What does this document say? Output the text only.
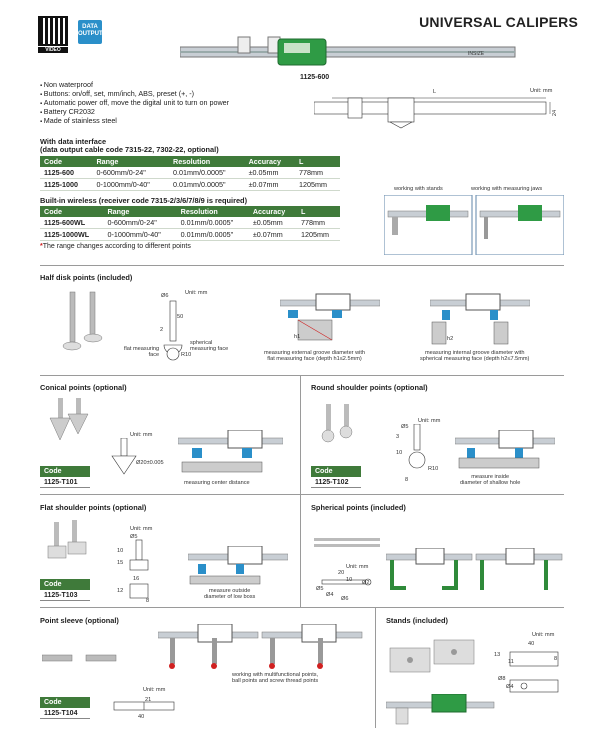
VIDEO
DATA
OUTPUT
UNIVERSAL CALIPERS
INSIZE
1125-600
▪ Non waterproof
▪ Buttons: on/off, set, mm/inch, ABS, preset (+, -)
▪ Automatic power off, move the digital unit to turn on power
▪ Battery CR2032
▪ Made of stainless steel
Unit: mm
L
24
With data interface
(data output cable code 7315-22, 7302-22, optional)
Code	Range	Resolution	Accuracy	L
1125-600	0-600mm/0-24"	0.01mm/0.0005"	±0.05mm	778mm
1125-1000	0-1000mm/0-40"	0.01mm/0.0005"	±0.07mm	1205mm
Built-in wireless (receiver code 7315-2/3/6/7/8/9 is required)
Code	Range	Resolution	Accuracy	L
1125-600WL	0-600mm/0-24"	0.01mm/0.0005"	±0.05mm	778mm
1125-1000WL	0-1000mm/0-40"	0.01mm/0.0005"	±0.07mm	1205mm
*The range changes according to different points
working with stands	working with measuring jaws
Half disk points (included)
Unit: mm
Ø6
50
2
R10
flat measuring
face
spherical
measuring face
h1
measuring external groove diameter with
flat measuring face (depth h1≤2.5mm)
h2
measuring internal groove diameter with
spherical measuring face (depth h2≤7.5mm)
Conical points (optional)
Unit: mm
Ø20±0.005
measuring center distance
Code
1125-T101
Round shoulder points (optional)
Unit: mm
Ø5
3
10
R10
8	measure inside
diameter of shallow hole
Code
1125-T102
Flat shoulder points (optional)
Unit: mm
Ø5
10
15
16
12
8
measure outside
diameter of low boss
Code
1125-T103
Spherical points (included)
Unit: mm
20
10 Ø2
Ø5
Ø4
Ø6
Point sleeve (optional)
working with multifunctional points,
ball points and screw thread points
Unit: mm
21
40
Code
1125-T104
Stands (included)
Unit: mm
40
13
11	8
Ø8
Ø4
